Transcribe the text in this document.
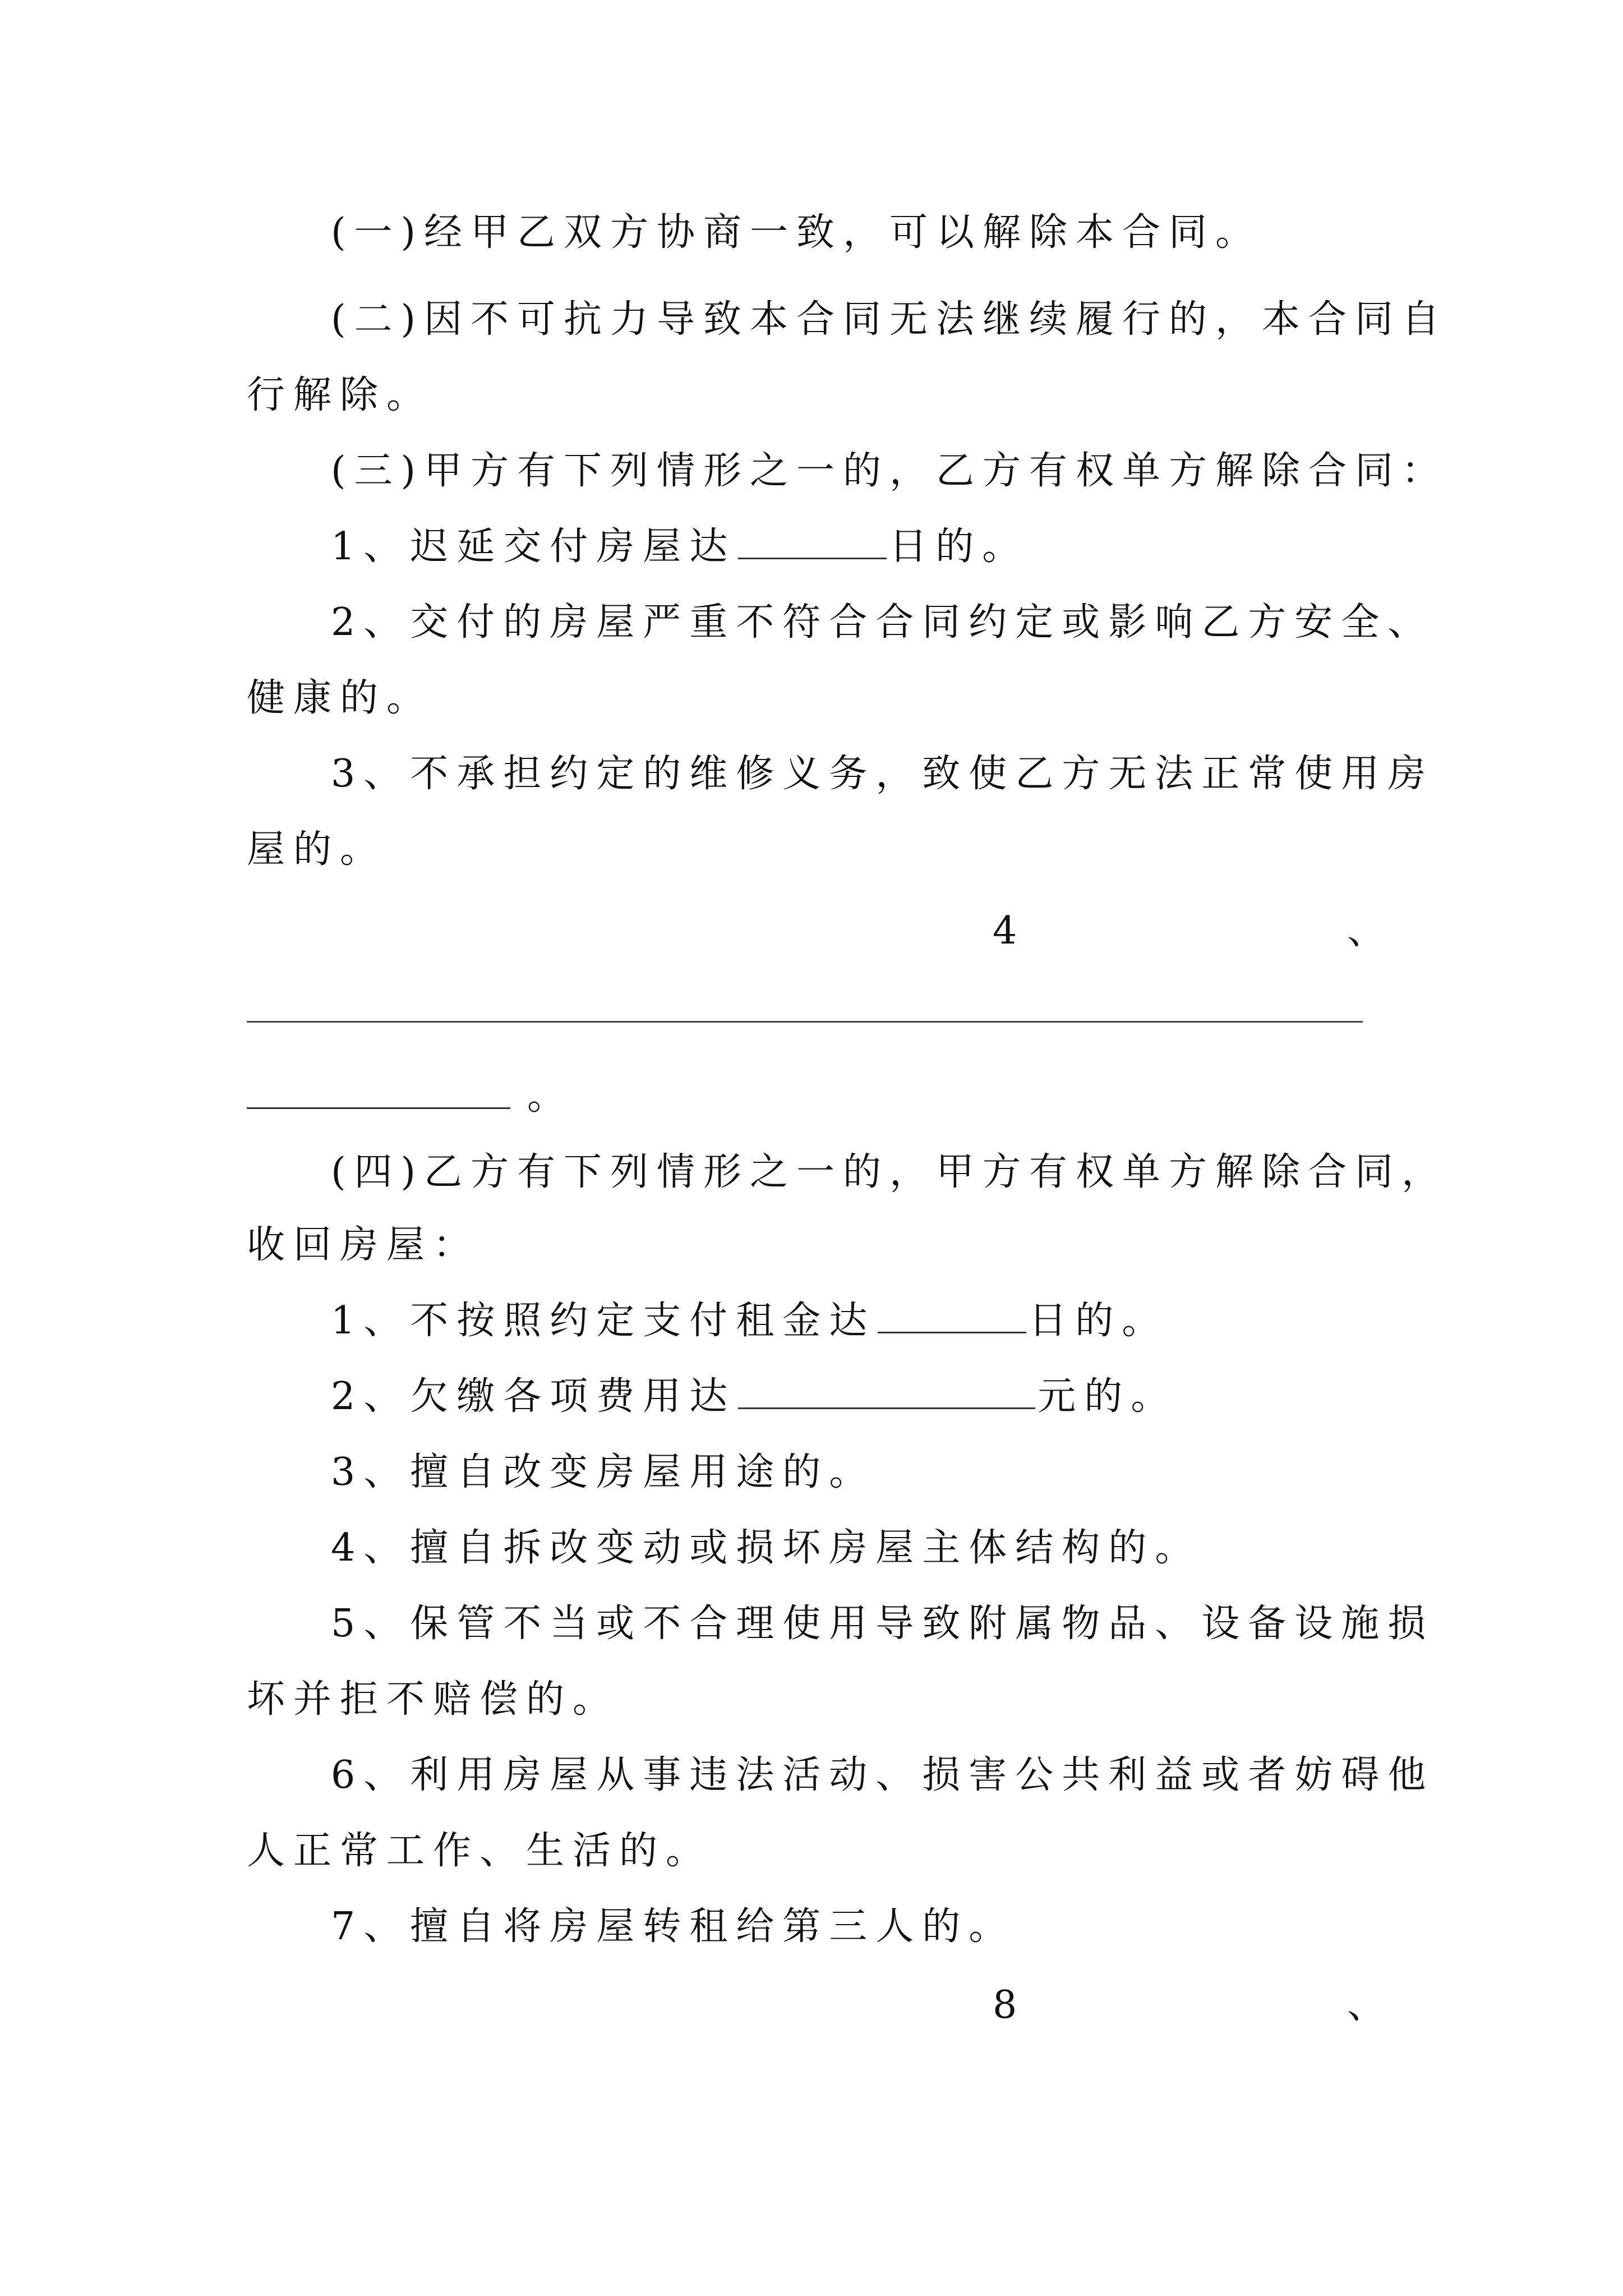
(一)经甲乙双方协商一致，可以解除本合同。
(二)因不可抗力导致本合同无法继续履行的，本合同自
行解除。
(三)甲方有下列情形之一的，乙方有权单方解除合同：
1、迟延交付房屋达	日的。
2、交付的房屋严重不符合合同约定或影响乙方安全、
健康的。
3、不承担约定的维修义务，致使乙方无法正常使用房
屋的。
4	、
。
(四)乙方有下列情形之一的，甲方有权单方解除合同，
收回房屋：
1、不按照约定支付租金达	日的。
2、欠缴各项费用达	元的。
3、擅自改变房屋用途的。
4、擅自拆改变动或损坏房屋主体结构的。
5、保管不当或不合理使用导致附属物品、设备设施损
坏并拒不赔偿的。
6、利用房屋从事违法活动、损害公共利益或者妨碍他
人正常工作、生活的。
7、擅自将房屋转租给第三人的。
8	、
